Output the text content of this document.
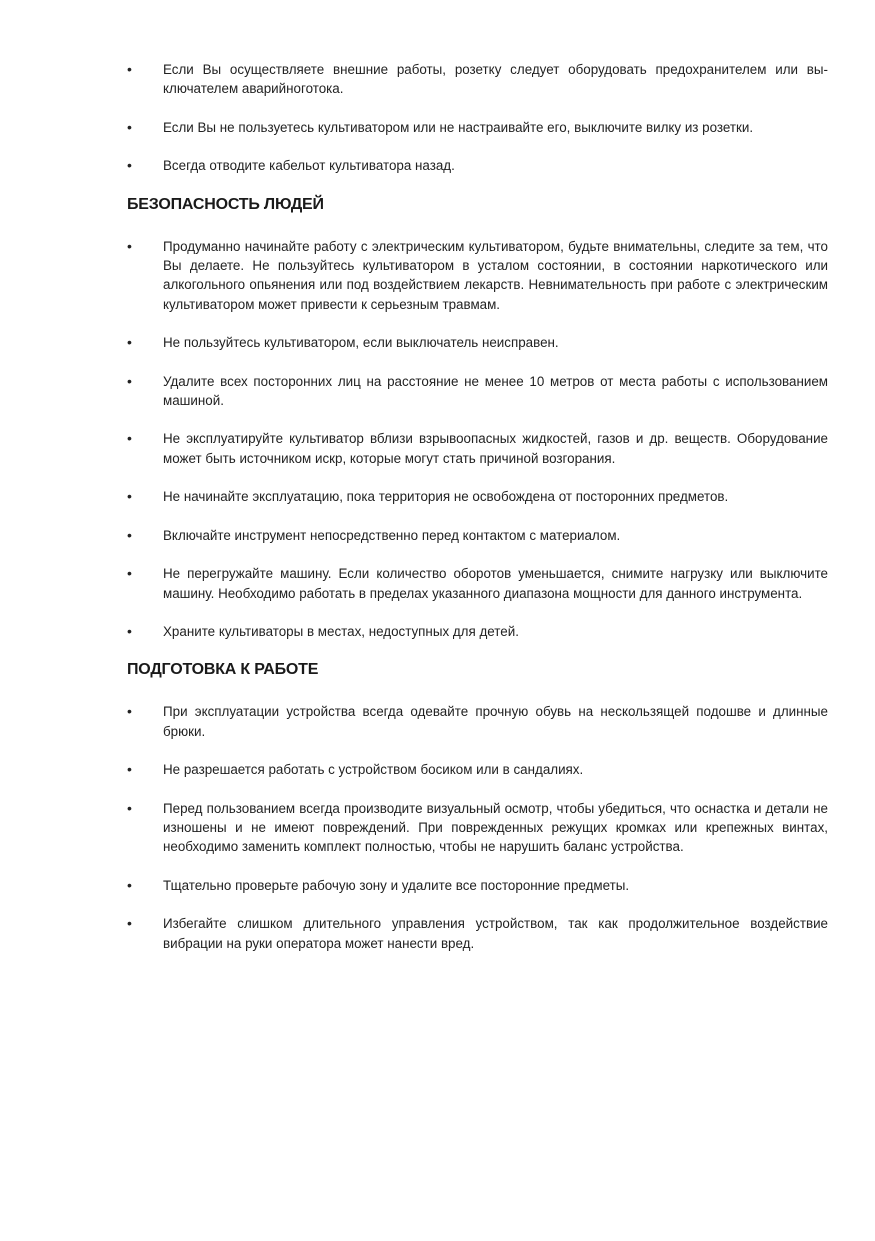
• Если Вы осуществляете внешние работы, розетку следует оборудовать предохранителем или выключателем аварийноготока.
• Если Вы не пользуетесь культиватором или не настраивайте его, выключите вилку из розетки.
• Всегда отводите кабельот культиватора назад.
БЕЗОПАСНОСТЬ ЛЮДЕЙ
• Продуманно начинайте работу с электрическим культиватором, будьте внимательны, следите за тем, что Вы делаете. Не пользуйтесь культиватором в усталом состоянии, в состоянии наркотического или алкогольного опьянения или под воздействием лекарств. Невнимательность при работе с электрическим культиватором может привести к серьезным травмам.
• Не пользуйтесь культиватором, если выключатель неисправен.
• Удалите всех посторонних лиц на расстояние не менее 10 метров от места работы с использованием машиной.
• Не эксплуатируйте культиватор вблизи взрывоопасных жидкостей, газов и др. веществ. Оборудование может быть источником искр, которые могут стать причиной возгорания.
• Не начинайте эксплуатацию, пока территория не освобождена от посторонних предметов.
• Включайте инструмент непосредственно перед контактом с материалом.
• Не перегружайте машину. Если количество оборотов уменьшается, снимите нагрузку или выключите машину. Необходимо работать в пределах указанного диапазона мощности для данного инструмента.
• Храните культиваторы в местах, недоступных для детей.
ПОДГОТОВКА К РАБОТЕ
• При эксплуатации устройства всегда одевайте прочную обувь на нескользящей подошве и длинные брюки.
• Не разрешается работать с устройством босиком или в сандалиях.
• Перед пользованием всегда производите визуальный осмотр, чтобы убедиться, что оснастка и детали не изношены и не имеют повреждений. При поврежденных режущих кромках или крепежных винтах, необходимо заменить комплект полностью, чтобы не нарушить баланс устройства.
• Тщательно проверьте рабочую зону и удалите все посторонние предметы.
• Избегайте слишком длительного управления устройством, так как продолжительное воздействие вибрации на руки оператора может нанести вред.
